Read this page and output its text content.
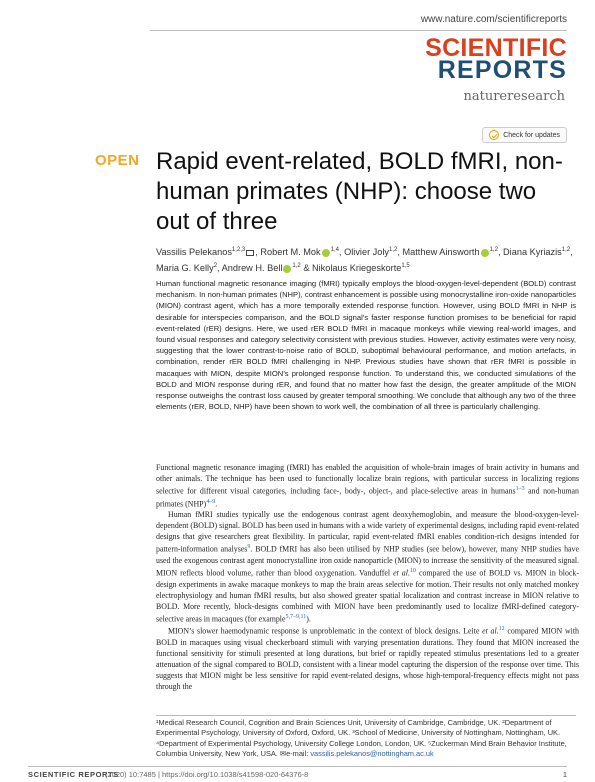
www.nature.com/scientificreports
SCIENTIFIC
REPORTS
natureresearch
Check for updates
OPEN Rapid event-related, BOLD fMRI, non-human primates (NHP): choose two out of three

Vassilis Pelekanos$^{1,2,3}$ , Robert M. Mok $^{1,4}$, Olivier Joly$^{1,2}$, Matthew Ainsworth $^{1,2}$, Diana Kyriazis$^{1,2}$, Maria G. Kelly$^2$, Andrew H. Bell $^{1,2}$ & Nikolaus Kriegeskorte$^{1,5}$

Human functional magnetic resonance imaging (fMRI) typically employs the blood-oxygen-level-dependent (BOLD) contrast mechanism. In non-human primates (NHP), contrast enhancement is possible using monocrystalline iron-oxide nanoparticles (MION) contrast agent, which has a more temporally extended response function. However, using BOLD fMRI in NHP is desirable for interspecies comparison, and the BOLD signal’s faster response function promises to be beneficial for rapid event-related (rER) designs. Here, we used rER BOLD fMRI in macaque monkeys while viewing real-world images, and found visual responses and category selectivity consistent with previous studies. However, activity estimates were very noisy, suggesting that the lower contrast-to-noise ratio of BOLD, suboptimal behavioural performance, and motion artefacts, in combination, render rER BOLD fMRI challenging in NHP. Previous studies have shown that rER fMRI is possible in macaques with MION, despite MION’s prolonged response function. To understand this, we conducted simulations of the BOLD and MION response during rER, and found that no matter how fast the design, the greater amplitude of the MION response outweighs the contrast loss caused by greater temporal smoothing. We conclude that although any two of the three elements (rER, BOLD, NHP) have been shown to work well, the combination of all three is particularly challenging.

Functional magnetic resonance imaging (fMRI) has enabled the acquisition of whole-brain images of brain activity in humans and other animals. The technique has been used to functionally localize brain regions, with particular success in localizing regions selective for different visual categories, including face-, body-, object-, and place-selective areas in humans$^{1-3}$ and non-human primates (NHP)$^{4-9}$.

Human fMRI studies typically use the endogenous contrast agent deoxyhemoglobin, and measure the blood-oxygen-level-dependent (BOLD) signal. BOLD has been used in humans with a wide variety of experimental designs, including rapid event-related designs that give researchers great flexibility. In particular, rapid event-related fMRI enables condition-rich designs intended for pattern-information analyses$^9$. BOLD fMRI has also been utilised by NHP studies (see below), however, many NHP studies have used the exogenous contrast agent monocrystalline iron oxide nanoparticle (MION) to increase the sensitivity of the measured signal. MION reflects blood volume, rather than blood oxygenation. Vanduffel et al.$^{10}$ compared the use of BOLD vs. MION in block-design experiments in awake macaque monkeys to map the brain areas selective for motion. Their results not only matched monkey electrophysiology and human fMRI results, but also showed greater spatial localization and contrast increase in MION relative to BOLD. More recently, block-designs combined with MION have been predominantly used to localize fMRI-defined category-selective areas in macaques (for example$^{5,7-9,11}$).

MION’s slower haemodynamic response is unproblematic in the context of block designs. Leite et al.$^{12}$ compared MION with BOLD in macaques using visual checkerboard stimuli with varying presentation durations. They found that MION increased the functional sensitivity for stimuli presented at long durations, but brief or rapidly repeated stimulus presentations led to a greater attenuation of the signal compared to BOLD, consistent with a linear model capturing the dispersion of the response over time. This suggests that MION might be less sensitive for rapid event-related designs, whose high-temporal-frequency effects might not pass through the

¹Medical Research Council, Cognition and Brain Sciences Unit, University of Cambridge, Cambridge, UK. ²Department of Experimental Psychology, University of Oxford, Oxford, UK. ³School of Medicine, University of Nottingham, Nottingham, UK. ⁴Department of Experimental Psychology, University College London, London, UK. ⁵Zuckerman Mind Brain Behavior Institute, Columbia University, New York, USA. ✉e-mail: vassilis.pelekanos@nottingham.ac.uk

SCIENTIFIC REPORTS
(2020) 10:7485 | https://doi.org/10.1038/s41598-020-64376-8	1
